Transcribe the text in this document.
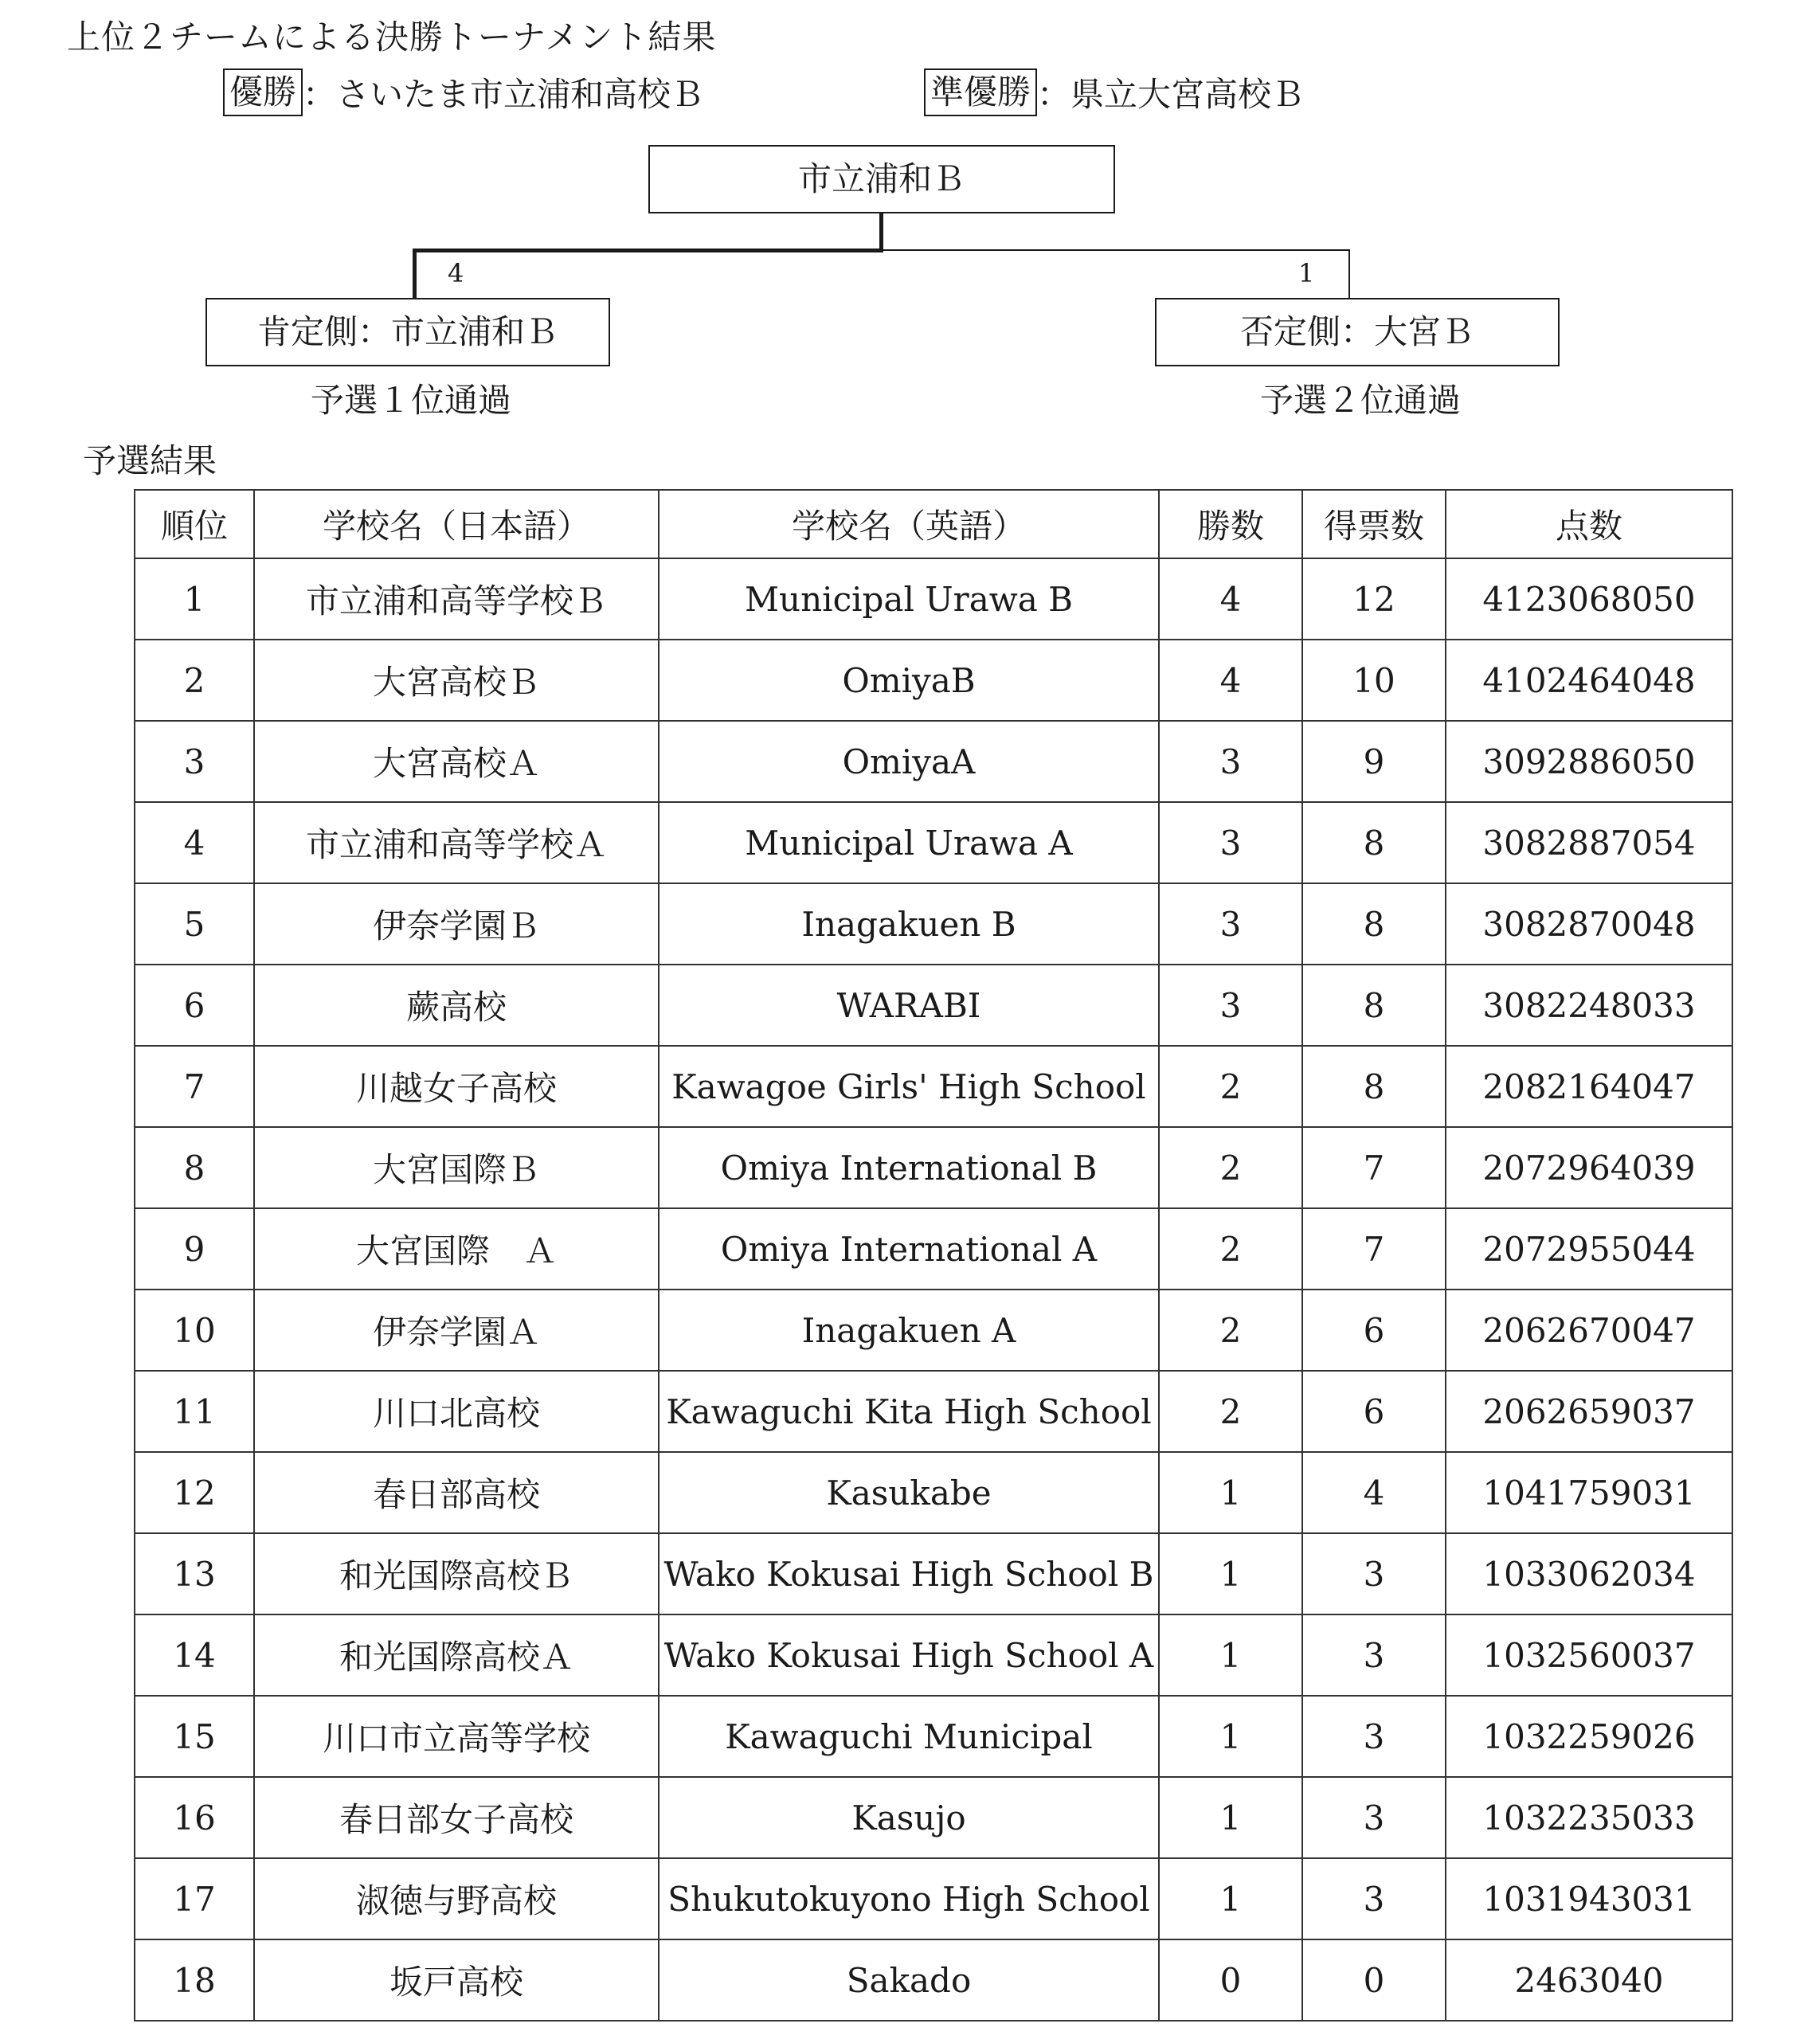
上位２チームによる決勝トーナメント結果
優勝 ：さいたま市立浦和高校Ｂ	準優勝 ：県立大宮高校Ｂ
市立浦和Ｂ
4	1
肯定側：市立浦和Ｂ	否定側：大宮Ｂ
予選１位通過	予選２位通過
予選結果
順位	学校名（日本語）	学校名（英語）	勝数	得票数	点数
1	市立浦和高等学校Ｂ	Municipal Urawa B	4	12	4123068050
2	大宮高校Ｂ	OmiyaB	4	10	4102464048
3	大宮高校Ａ	OmiyaA	3	9	3092886050
4	市立浦和高等学校Ａ	Municipal Urawa A	3	8	3082887054
5	伊奈学園Ｂ	Inagakuen B	3	8	3082870048
6	蕨高校	WARABI	3	8	3082248033
7	川越女子高校	Kawagoe Girls' High School	2	8	2082164047
8	大宮国際Ｂ	Omiya International B	2	7	2072964039
9	大宮国際　Ａ	Omiya International A	2	7	2072955044
10	伊奈学園Ａ	Inagakuen A	2	6	2062670047
11	川口北高校	Kawaguchi Kita High School	2	6	2062659037
12	春日部高校	Kasukabe	1	4	1041759031
13	和光国際高校Ｂ	Wako Kokusai High School B	1	3	1033062034
14	和光国際高校Ａ	Wako Kokusai High School A	1	3	1032560037
15	川口市立高等学校	Kawaguchi Municipal	1	3	1032259026
16	春日部女子高校	Kasujo	1	3	1032235033
17	淑徳与野高校	Shukutokuyono High School	1	3	1031943031
18	坂戸高校	Sakado	0	0	2463040
